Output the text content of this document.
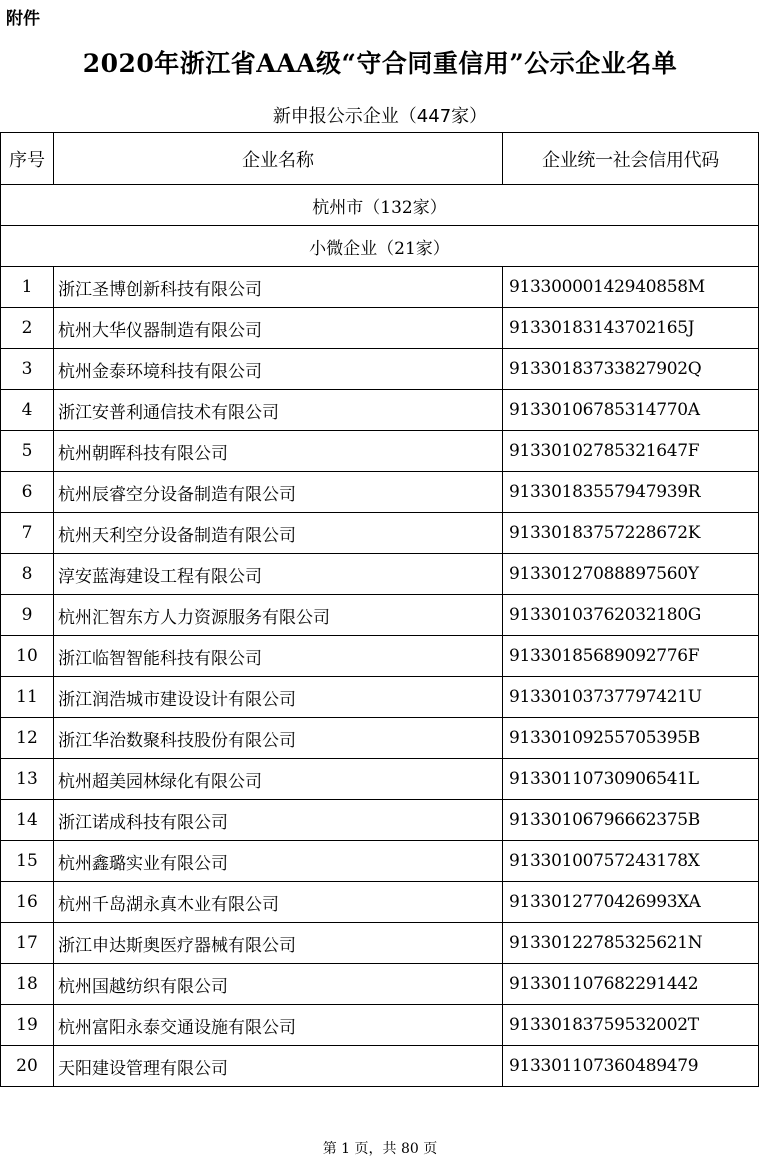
附件
2020年浙江省AAA级“守合同重信用”公示企业名单
新申报公示企业（447家）
序号	企业名称	企业统一社会信用代码
杭州市（132家）		
小微企业（21家）		
1	浙江圣博创新科技有限公司	91330000142940858M
2	杭州大华仪器制造有限公司	91330183143702165J
3	杭州金泰环境科技有限公司	91330183733827902Q
4	浙江安普利通信技术有限公司	91330106785314770A
5	杭州朝晖科技有限公司	91330102785321647F
6	杭州辰睿空分设备制造有限公司	91330183557947939R
7	杭州天利空分设备制造有限公司	91330183757228672K
8	淳安蓝海建设工程有限公司	91330127088897560Y
9	杭州汇智东方人力资源服务有限公司	91330103762032180G
10	浙江临智智能科技有限公司	91330185689092776F
11	浙江润浩城市建设设计有限公司	91330103737797421U
12	浙江华治数聚科技股份有限公司	91330109255705395B
13	杭州超美园林绿化有限公司	91330110730906541L
14	浙江诺成科技有限公司	91330106796662375B
15	杭州鑫璐实业有限公司	91330100757243178X
16	杭州千岛湖永真木业有限公司	9133012770426993XA
17	浙江申达斯奥医疗器械有限公司	91330122785325621N
18	杭州国越纺织有限公司	913301107682291442
19	杭州富阳永泰交通设施有限公司	91330183759532002T
20	天阳建设管理有限公司	913301107360489479
第 1 页，共 80 页
